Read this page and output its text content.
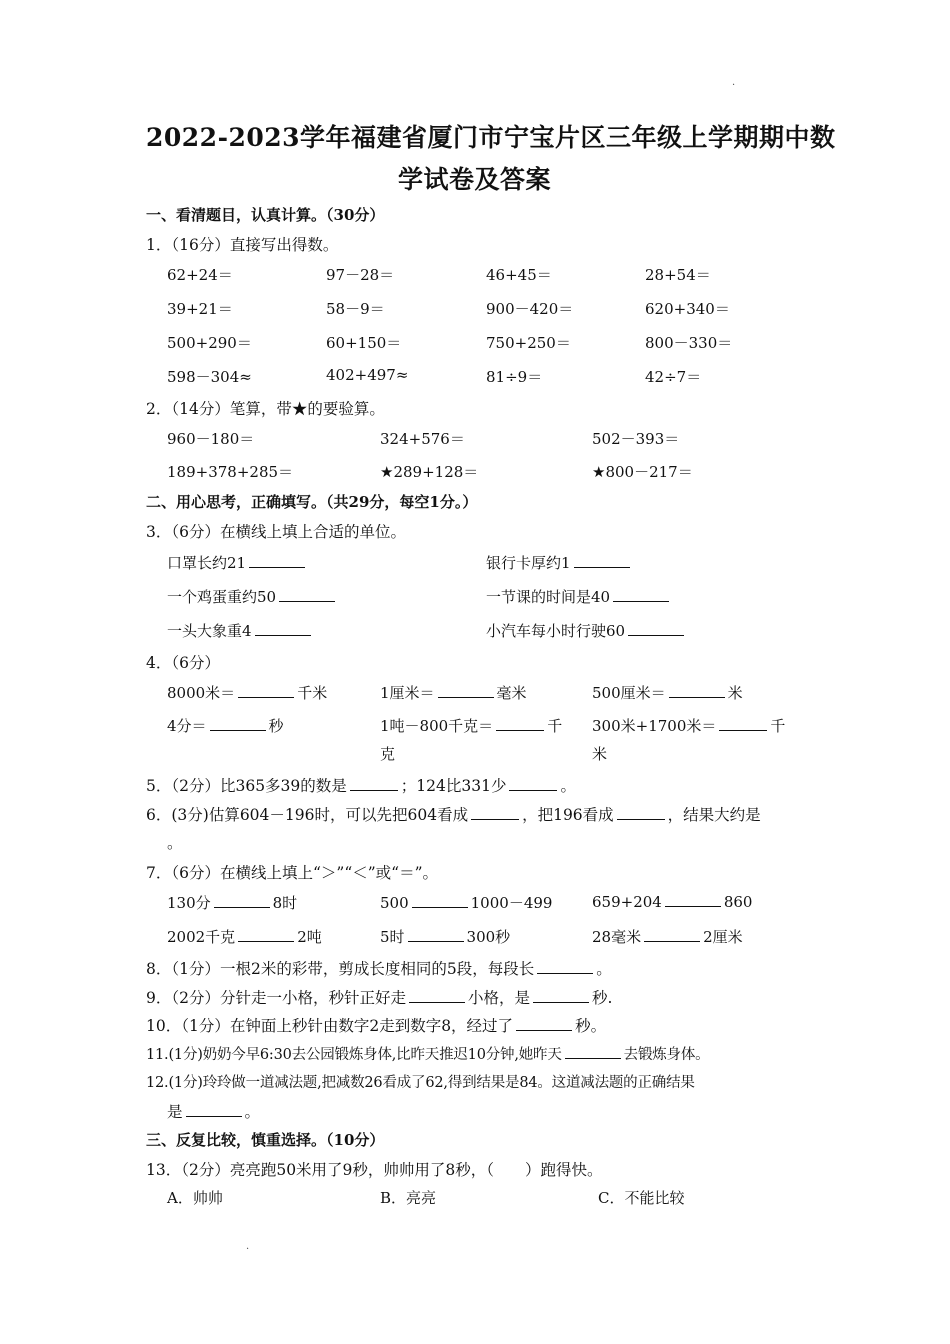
·
2022-2023学年福建省厦门市宁宝片区三年级上学期期中数
学试卷及答案
一、看清题目，认真计算。（30分）
1．（16分）直接写出得数。
62+24＝	97－28＝	46+45＝	28+54＝
39+21＝	58－9＝	900－420＝	620+340＝
500+290＝	60+150＝	750+250＝	800－330＝
598－304≈	402+497≈	81÷9＝	42÷7＝
2．（14分）笔算，带★的要验算。
960－180＝	324+576＝	502－393＝
189+378+285＝	★289+128＝	★800－217＝
二、用心思考，正确填写。（共29分，每空1分。）
3．（6分）在横线上填上合适的单位。
口罩长约21	银行卡厚约1
一个鸡蛋重约50	一节课的时间是40
一头大象重4	小汽车每小时行驶60
4．（6分）
8000米＝	千米	1厘米＝	毫米	500厘米＝	米
4分＝	秒	1吨－800千克＝	千
克
300米+1700米＝	千
米
5．（2分）比365多39的数是	；124比331少	。
6．(3分)估算604－196时，可以先把604看成	，把196看成	，结果大约是
。
7．（6分）在横线上填上“＞”“＜”或“＝”。
130分	8时	500	1000－499	659+204	860
2002千克	2吨	5时	300秒	28毫米	2厘米
8．（1分）一根2米的彩带，剪成长度相同的5段，每段长	。
9．（2分）分针走一小格，秒针正好走	小格，是	秒.
10．（1分）在钟面上秒针由数字2走到数字8，经过了	秒。
11.(1分)奶奶今早6:30去公园锻炼身体,比昨天推迟10分钟,她昨天	去锻炼身体。
12.(1分)玲玲做一道减法题,把减数26看成了62,得到结果是84。这道减法题的正确结果
是	。
三、反复比较，慎重选择。（10分）
13．（2分）亮亮跑50米用了9秒，帅帅用了8秒，（　　）跑得快。
A．帅帅	B．亮亮	C．不能比较
·
